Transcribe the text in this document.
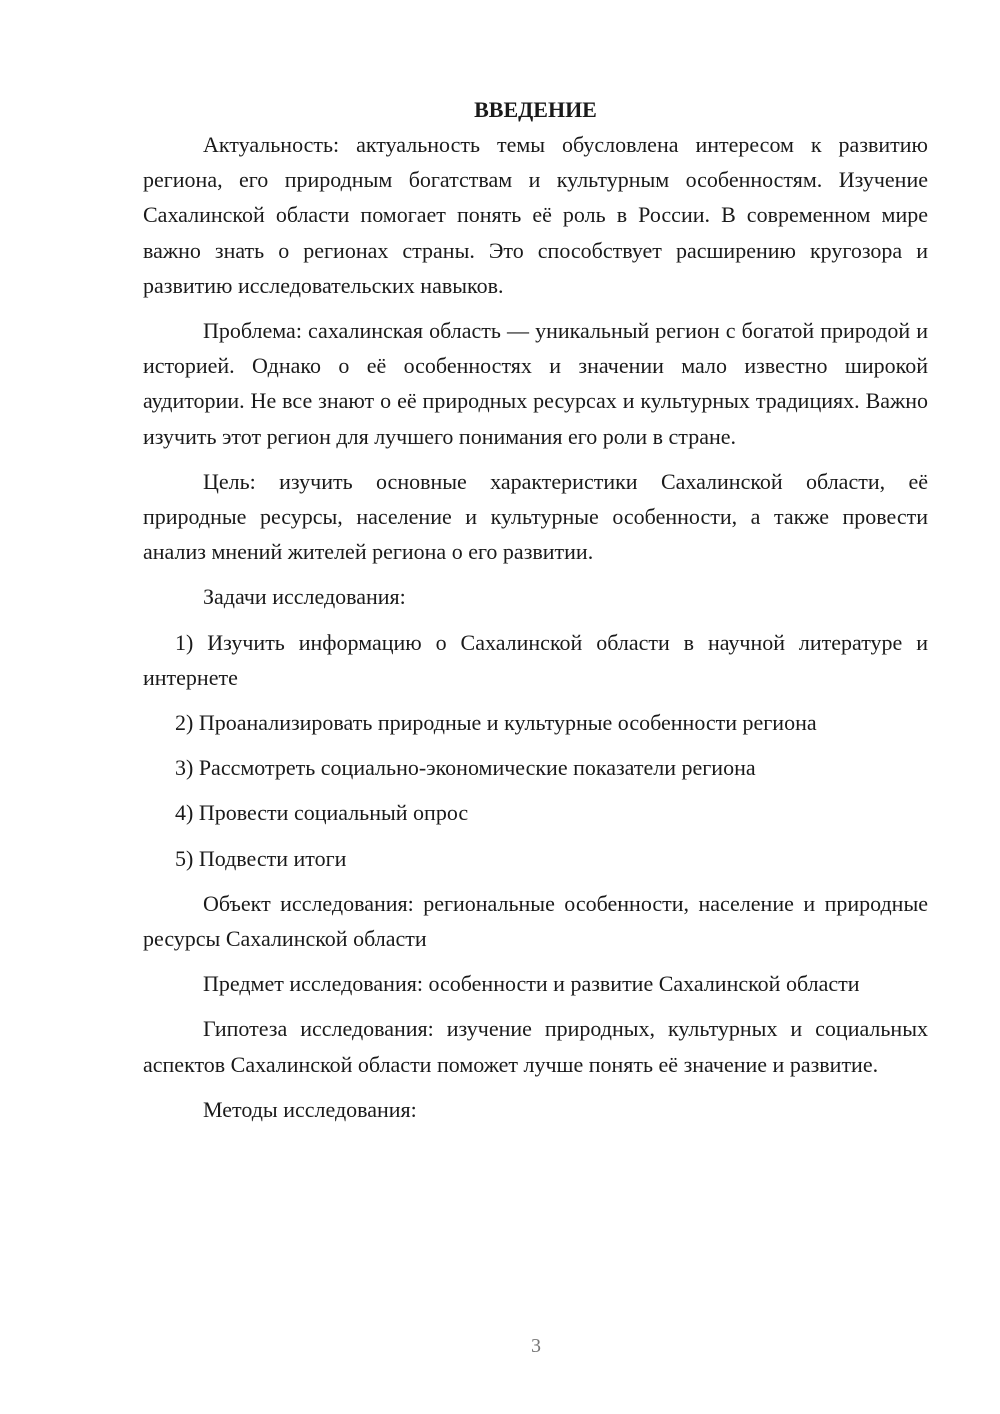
ВВЕДЕНИЕ

Актуальность: актуальность темы обусловлена интересом к развитию региона, его природным богатствам и культурным особенностям. Изучение Сахалинской области помогает понять её роль в России. В современном мире важно знать о регионах страны. Это способствует расширению кругозора и развитию исследовательских навыков.

Проблема: сахалинская область — уникальный регион с богатой природой и историей. Однако о её особенностях и значении мало известно широкой аудитории. Не все знают о её природных ресурсах и культурных традициях. Важно изучить этот регион для лучшего понимания его роли в стране.

Цель: изучить основные характеристики Сахалинской области, её природные ресурсы, население и культурные особенности, а также провести анализ мнений жителей региона о его развитии.

Задачи исследования:

1) Изучить информацию о Сахалинской области в научной литературе и интернете

2) Проанализировать природные и культурные особенности региона

3) Рассмотреть социально-экономические показатели региона

4) Провести социальный опрос

5) Подвести итоги

Объект исследования: региональные особенности, население и природные ресурсы Сахалинской области

Предмет исследования: особенности и развитие Сахалинской области

Гипотеза исследования: изучение природных, культурных и социальных аспектов Сахалинской области поможет лучше понять её значение и развитие.

Методы исследования:

3
